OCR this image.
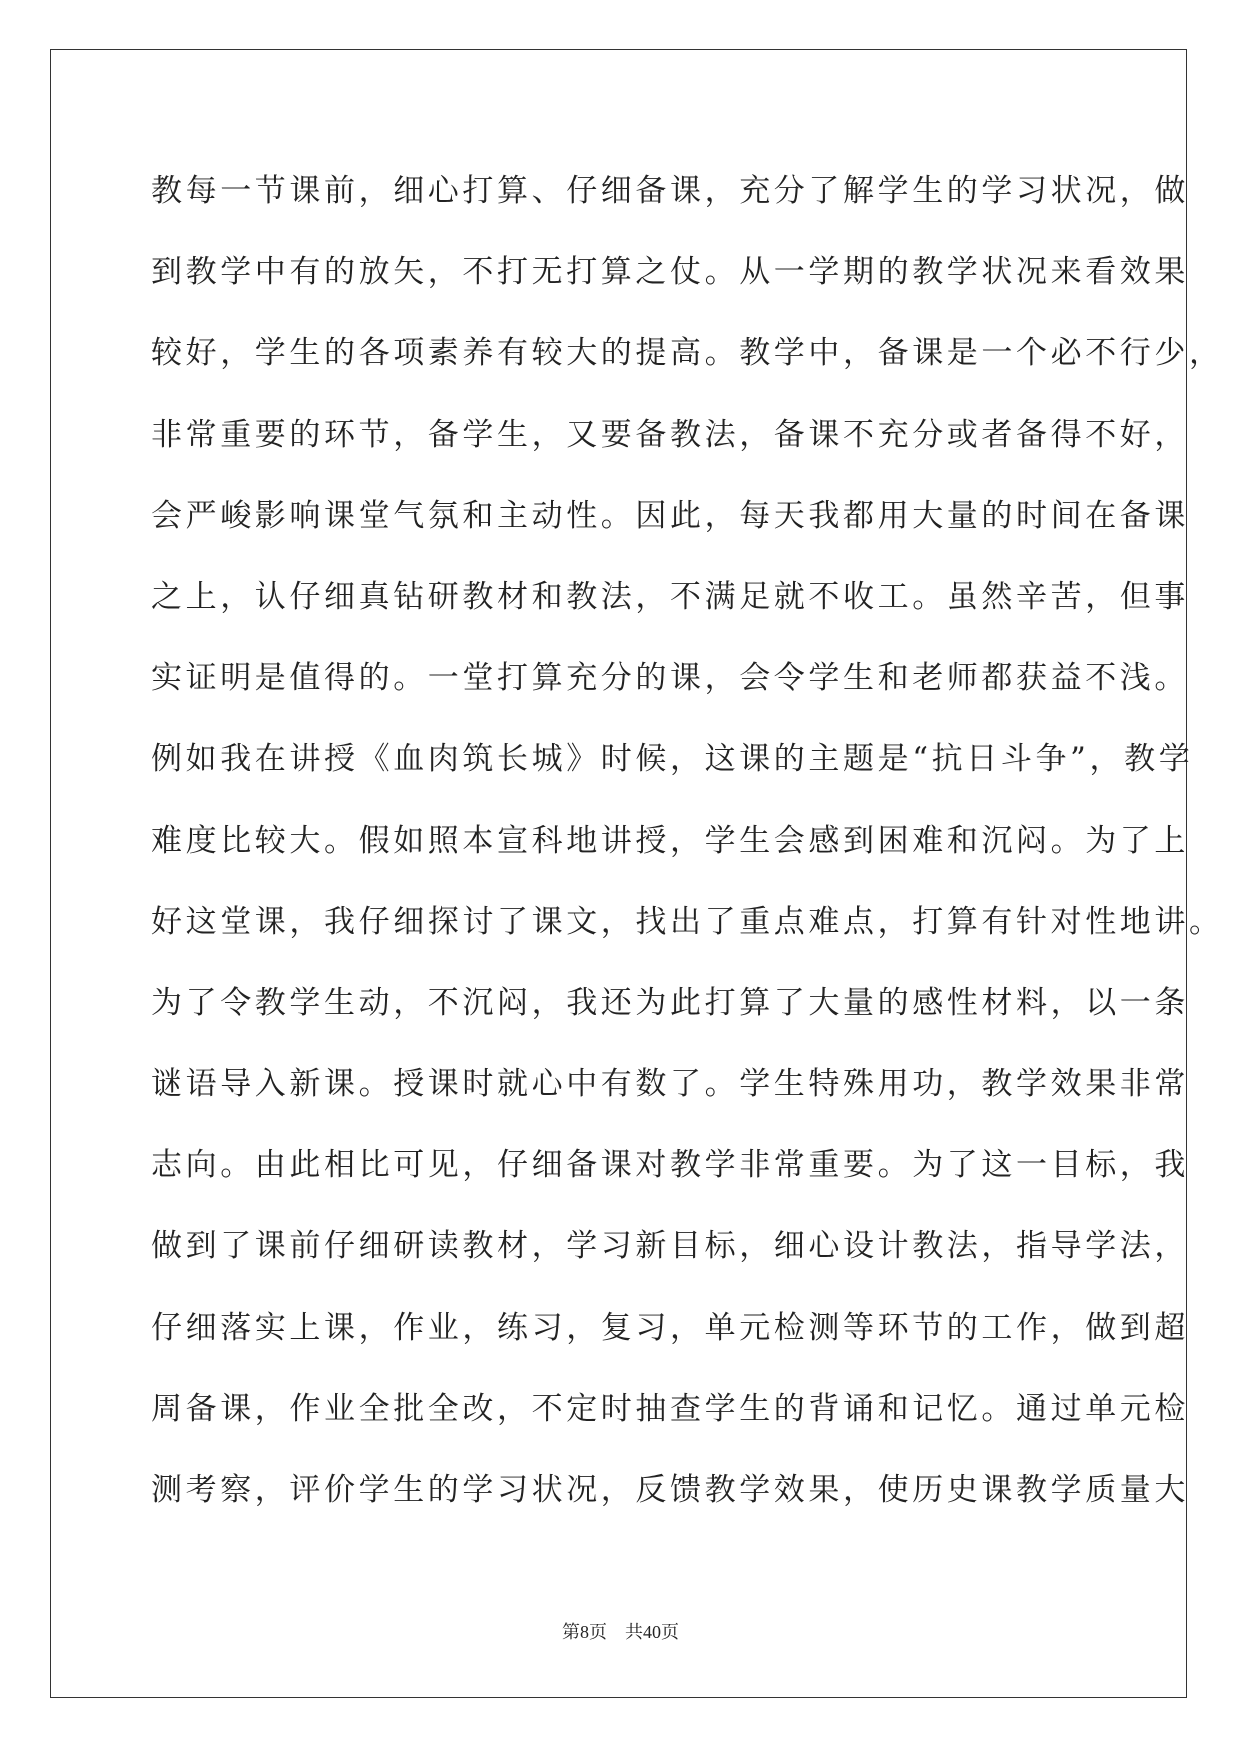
教每一节课前，细心打算、仔细备课，充分了解学生的学习状况，做
到教学中有的放矢，不打无打算之仗。从一学期的教学状况来看效果
较好，学生的各项素养有较大的提高。教学中，备课是一个必不行少，
非常重要的环节，备学生，又要备教法，备课不充分或者备得不好，
会严峻影响课堂气氛和主动性。因此，每天我都用大量的时间在备课
之上，认仔细真钻研教材和教法，不满足就不收工。虽然辛苦，但事
实证明是值得的。一堂打算充分的课，会令学生和老师都获益不浅。
例如我在讲授《血肉筑长城》时候，这课的主题是“抗日斗争”，教学
难度比较大。假如照本宣科地讲授，学生会感到困难和沉闷。为了上
好这堂课，我仔细探讨了课文，找出了重点难点，打算有针对性地讲。
为了令教学生动，不沉闷，我还为此打算了大量的感性材料，以一条
谜语导入新课。授课时就心中有数了。学生特殊用功，教学效果非常
志向。由此相比可见，仔细备课对教学非常重要。为了这一目标，我
做到了课前仔细研读教材，学习新目标，细心设计教法，指导学法，
仔细落实上课，作业，练习，复习，单元检测等环节的工作，做到超
周备课，作业全批全改，不定时抽查学生的背诵和记忆。通过单元检
测考察，评价学生的学习状况，反馈教学效果，使历史课教学质量大
第8页 共40页
